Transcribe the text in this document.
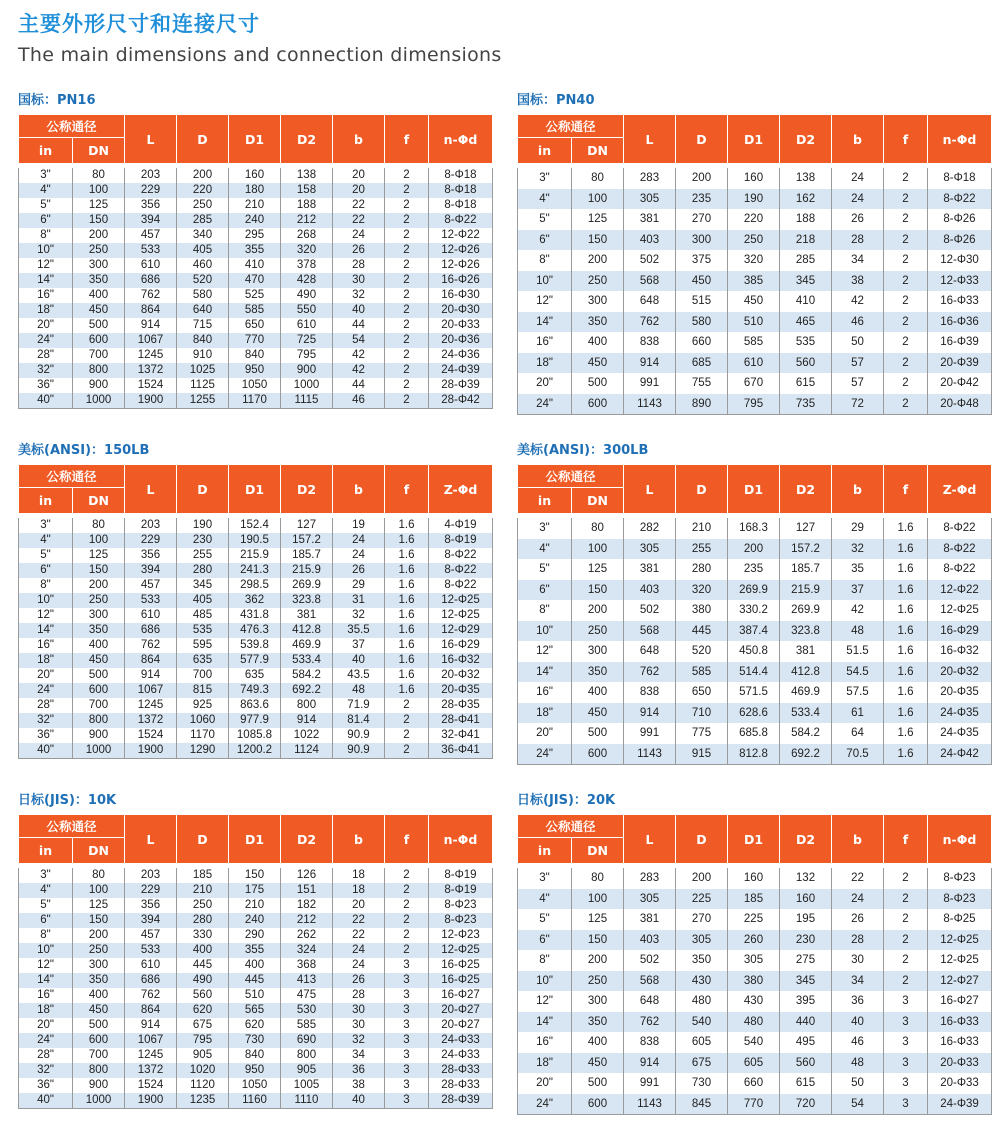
主要外形尺寸和连接尺寸
The main dimensions and connection dimensions
国标：PN16
公称通径		L	D	D1	D2	b	f	n-Φd
in	DN							

3"	80	203	200	160	138	20	2	8-Φ18
4"	100	229	220	180	158	20	2	8-Φ18
5"	125	356	250	210	188	22	2	8-Φ18
6"	150	394	285	240	212	22	2	8-Φ22
8"	200	457	340	295	268	24	2	12-Φ22
10"	250	533	405	355	320	26	2	12-Φ26
12"	300	610	460	410	378	28	2	12-Φ26
14"	350	686	520	470	428	30	2	16-Φ26
16"	400	762	580	525	490	32	2	16-Φ30
18"	450	864	640	585	550	40	2	20-Φ30
20"	500	914	715	650	610	44	2	20-Φ33
24"	600	1067	840	770	725	54	2	20-Φ36
28"	700	1245	910	840	795	42	2	24-Φ36
32"	800	1372	1025	950	900	42	2	24-Φ39
36"	900	1524	1125	1050	1000	44	2	28-Φ39
40"	1000	1900	1255	1170	1115	46	2	28-Φ42
国标：PN40
公称通径		L	D	D1	D2	b	f	n-Φd
in	DN							

3"	80	283	200	160	138	24	2	8-Φ18
4"	100	305	235	190	162	24	2	8-Φ22
5"	125	381	270	220	188	26	2	8-Φ26
6"	150	403	300	250	218	28	2	8-Φ26
8"	200	502	375	320	285	34	2	12-Φ30
10"	250	568	450	385	345	38	2	12-Φ33
12"	300	648	515	450	410	42	2	16-Φ33
14"	350	762	580	510	465	46	2	16-Φ36
16"	400	838	660	585	535	50	2	16-Φ39
18"	450	914	685	610	560	57	2	20-Φ39
20"	500	991	755	670	615	57	2	20-Φ42
24"	600	1143	890	795	735	72	2	20-Φ48
美标(ANSI)：150LB
公称通径		L	D	D1	D2	b	f	Z-Φd
in	DN							

3"	80	203	190	152.4	127	19	1.6	4-Φ19
4"	100	229	230	190.5	157.2	24	1.6	8-Φ19
5"	125	356	255	215.9	185.7	24	1.6	8-Φ22
6"	150	394	280	241.3	215.9	26	1.6	8-Φ22
8"	200	457	345	298.5	269.9	29	1.6	8-Φ22
10"	250	533	405	362	323.8	31	1.6	12-Φ25
12"	300	610	485	431.8	381	32	1.6	12-Φ25
14"	350	686	535	476.3	412.8	35.5	1.6	12-Φ29
16"	400	762	595	539.8	469.9	37	1.6	16-Φ29
18"	450	864	635	577.9	533.4	40	1.6	16-Φ32
20"	500	914	700	635	584.2	43.5	1.6	20-Φ32
24"	600	1067	815	749.3	692.2	48	1.6	20-Φ35
28"	700	1245	925	863.6	800	71.9	2	28-Φ35
32"	800	1372	1060	977.9	914	81.4	2	28-Φ41
36"	900	1524	1170	1085.8	1022	90.9	2	32-Φ41
40"	1000	1900	1290	1200.2	1124	90.9	2	36-Φ41
美标(ANSI)：300LB
公称通径		L	D	D1	D2	b	f	Z-Φd
in	DN							

3"	80	282	210	168.3	127	29	1.6	8-Φ22
4"	100	305	255	200	157.2	32	1.6	8-Φ22
5"	125	381	280	235	185.7	35	1.6	8-Φ22
6"	150	403	320	269.9	215.9	37	1.6	12-Φ22
8"	200	502	380	330.2	269.9	42	1.6	12-Φ25
10"	250	568	445	387.4	323.8	48	1.6	16-Φ29
12"	300	648	520	450.8	381	51.5	1.6	16-Φ32
14"	350	762	585	514.4	412.8	54.5	1.6	20-Φ32
16"	400	838	650	571.5	469.9	57.5	1.6	20-Φ35
18"	450	914	710	628.6	533.4	61	1.6	24-Φ35
20"	500	991	775	685.8	584.2	64	1.6	24-Φ35
24"	600	1143	915	812.8	692.2	70.5	1.6	24-Φ42
日标(JIS)：10K
公称通径		L	D	D1	D2	b	f	n-Φd
in	DN							

3"	80	203	185	150	126	18	2	8-Φ19
4"	100	229	210	175	151	18	2	8-Φ19
5"	125	356	250	210	182	20	2	8-Φ23
6"	150	394	280	240	212	22	2	8-Φ23
8"	200	457	330	290	262	22	2	12-Φ23
10"	250	533	400	355	324	24	2	12-Φ25
12"	300	610	445	400	368	24	3	16-Φ25
14"	350	686	490	445	413	26	3	16-Φ25
16"	400	762	560	510	475	28	3	16-Φ27
18"	450	864	620	565	530	30	3	20-Φ27
20"	500	914	675	620	585	30	3	20-Φ27
24"	600	1067	795	730	690	32	3	24-Φ33
28"	700	1245	905	840	800	34	3	24-Φ33
32"	800	1372	1020	950	905	36	3	28-Φ33
36"	900	1524	1120	1050	1005	38	3	28-Φ33
40"	1000	1900	1235	1160	1110	40	3	28-Φ39
日标(JIS)：20K
公称通径		L	D	D1	D2	b	f	n-Φd
in	DN							

3"	80	283	200	160	132	22	2	8-Φ23
4"	100	305	225	185	160	24	2	8-Φ23
5"	125	381	270	225	195	26	2	8-Φ25
6"	150	403	305	260	230	28	2	12-Φ25
8"	200	502	350	305	275	30	2	12-Φ25
10"	250	568	430	380	345	34	2	12-Φ27
12"	300	648	480	430	395	36	3	16-Φ27
14"	350	762	540	480	440	40	3	16-Φ33
16"	400	838	605	540	495	46	3	16-Φ33
18"	450	914	675	605	560	48	3	20-Φ33
20"	500	991	730	660	615	50	3	20-Φ33
24"	600	1143	845	770	720	54	3	24-Φ39
